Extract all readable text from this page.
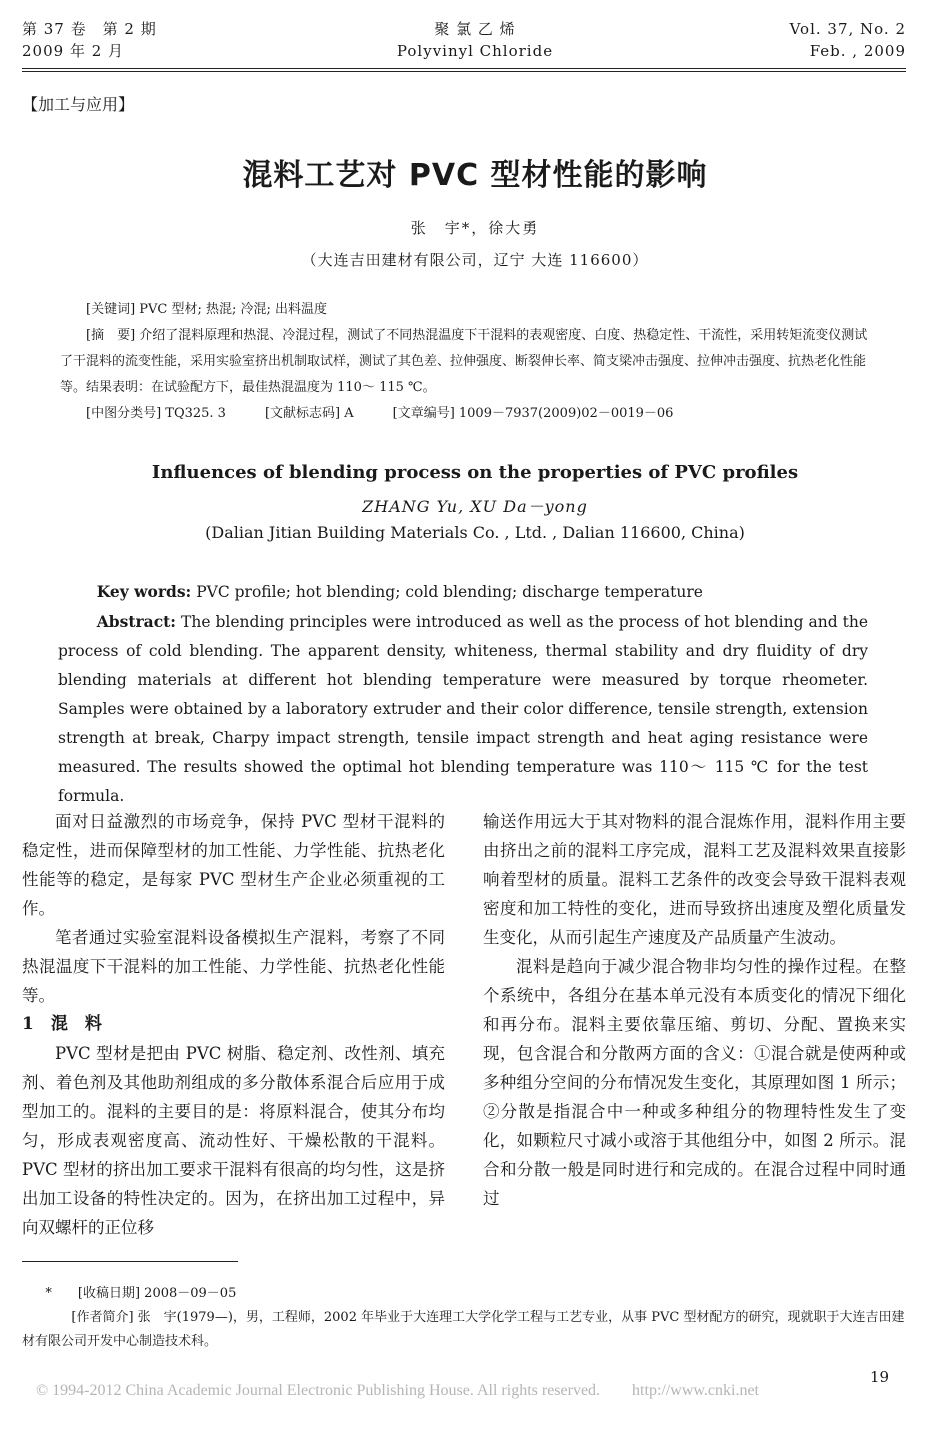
第 37 卷　第 2 期
2009 年 2 月
聚 氯 乙 烯
Polyvinyl Chloride
Vol. 37, No. 2
Feb. , 2009
【加工与应用】
混料工艺对 PVC 型材性能的影响
张　宇*，徐大勇
（大连吉田建材有限公司，辽宁 大连 116600）

[关键词] PVC 型材; 热混; 冷混; 出料温度

[摘　要] 介绍了混料原理和热混、冷混过程，测试了不同热混温度下干混料的表观密度、白度、热稳定性、干流性，采用转矩流变仪测试了干混料的流变性能，采用实验室挤出机制取试样，测试了其色差、拉伸强度、断裂伸长率、简支梁冲击强度、拉伸冲击强度、抗热老化性能等。结果表明：在试验配方下，最佳热混温度为 110～ 115 ℃。

[中图分类号] TQ325. 3　　　[文献标志码] A　　　[文章编号] 1009－7937(2009)02－0019－06

Influences of blending process on the properties of PVC profiles
ZHANG Yu, XU Da－yong
(Dalian Jitian Building Materials Co. , Ltd. , Dalian 116600, China)

Key words: PVC profile; hot blending; cold blending; discharge temperature

Abstract: The blending principles were introduced as well as the process of hot blending and the process of cold blending. The apparent density, whiteness, thermal stability and dry fluidity of dry blending materials at different hot blending temperature were measured by torque rheometer. Samples were obtained by a laboratory extruder and their color difference, tensile strength, extension strength at break, Charpy impact strength, tensile impact strength and heat aging resistance were measured. The results showed the optimal hot blending temperature was 110～ 115 ℃ for the test formula.

面对日益激烈的市场竞争，保持 PVC 型材干混料的稳定性，进而保障型材的加工性能、力学性能、抗热老化性能等的稳定，是每家 PVC 型材生产企业必须重视的工作。

笔者通过实验室混料设备模拟生产混料，考察了不同热混温度下干混料的加工性能、力学性能、抗热老化性能等。

1　混　料

PVC 型材是把由 PVC 树脂、稳定剂、改性剂、填充剂、着色剂及其他助剂组成的多分散体系混合后应用于成型加工的。混料的主要目的是：将原料混合，使其分布均匀，形成表观密度高、流动性好、干燥松散的干混料。PVC 型材的挤出加工要求干混料有很高的均匀性，这是挤出加工设备的特性决定的。因为，在挤出加工过程中，异向双螺杆的正位移

输送作用远大于其对物料的混合混炼作用，混料作用主要由挤出之前的混料工序完成，混料工艺及混料效果直接影响着型材的质量。混料工艺条件的改变会导致干混料表观密度和加工特性的变化，进而导致挤出速度及塑化质量发生变化，从而引起生产速度及产品质量产生波动。

混料是趋向于减少混合物非均匀性的操作过程。在整个系统中，各组分在基本单元没有本质变化的情况下细化和再分布。混料主要依靠压缩、剪切、分配、置换来实现，包含混合和分散两方面的含义：①混合就是使两种或多种组分空间的分布情况发生变化，其原理如图 1 所示；②分散是指混合中一种或多种组分的物理特性发生了变化，如颗粒尺寸减小或溶于其他组分中，如图 2 所示。混合和分散一般是同时进行和完成的。在混合过程中同时通过

*　　[收稿日期] 2008－09－05

[作者简介] 张　宇(1979—)，男，工程师，2002 年毕业于大连理工大学化学工程与工艺专业，从事 PVC 型材配方的研究，现就职于大连吉田建材有限公司开发中心制造技术科。

19
© 1994-2012 China Academic Journal Electronic Publishing House. All rights reserved.　　http://www.cnki.net
